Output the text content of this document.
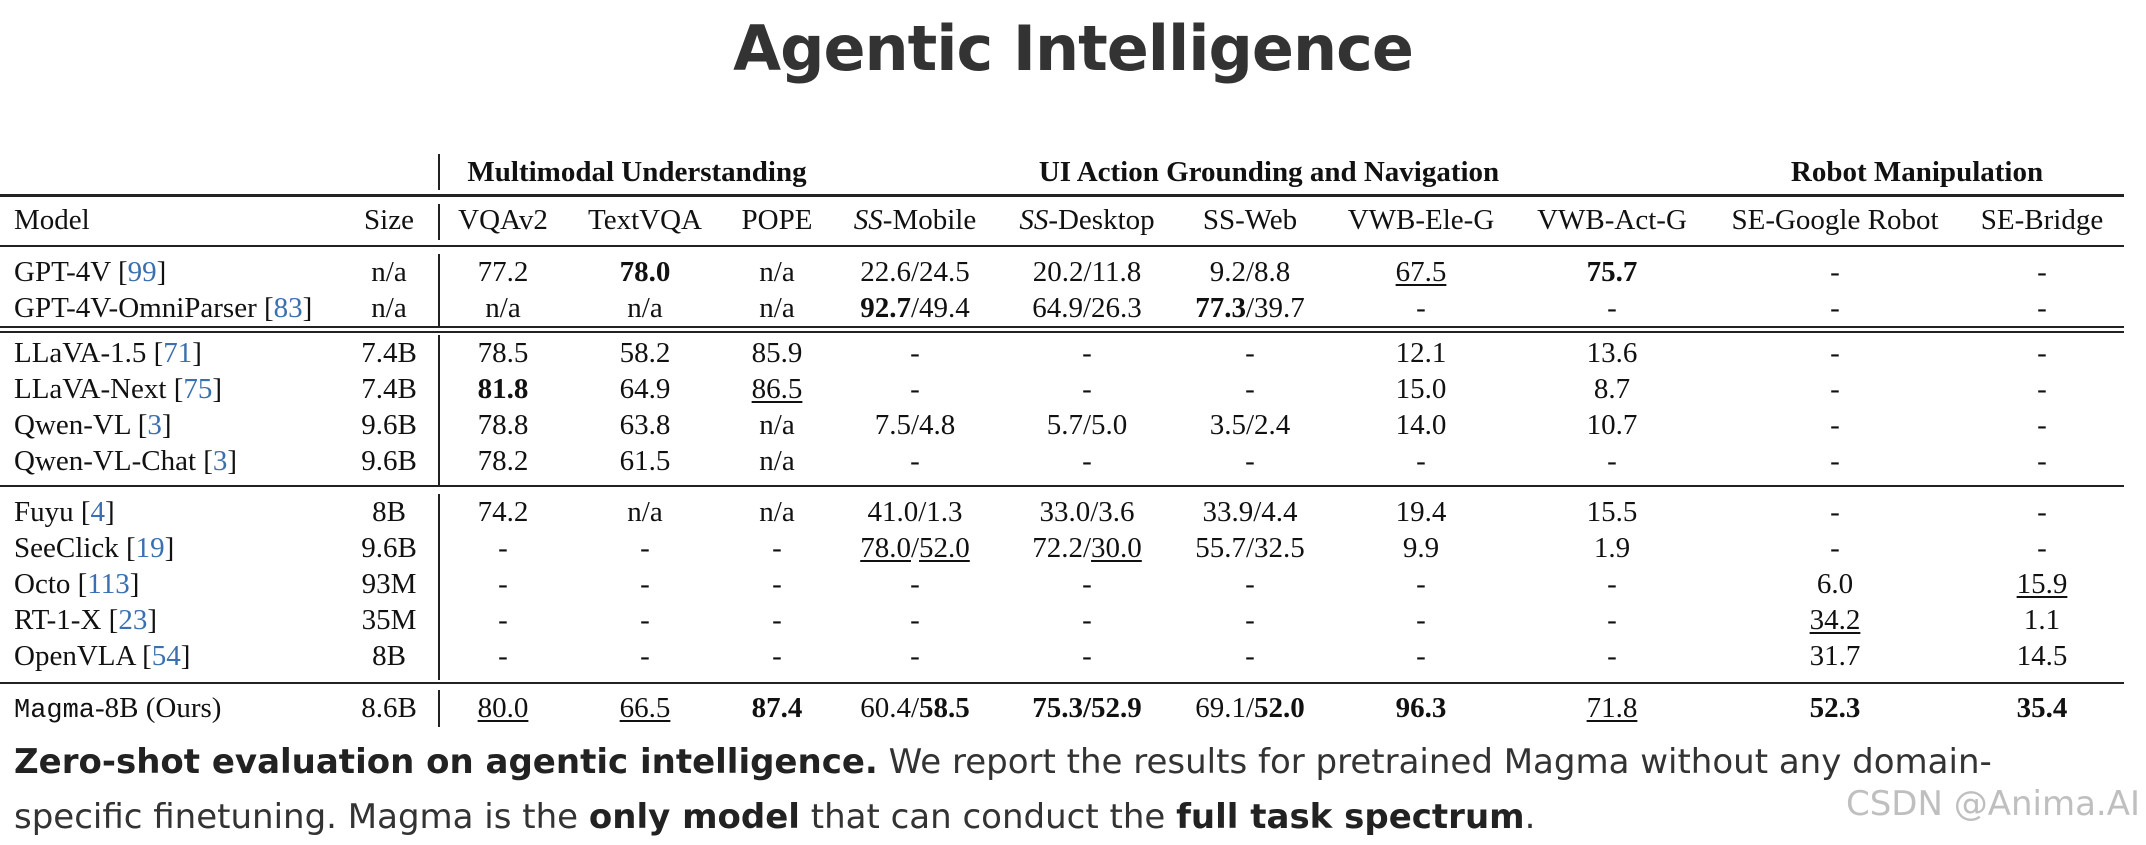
Agentic Intelligence
Multimodal Understanding	UI Action Grounding and Navigation	Robot Manipulation
Model	Size VQAv2 TextVQA POPE SS-Mobile SS-Desktop SS-Web VWB-Ele-G VWB-Act-G SE-Google Robot SE-Bridge
GPT-4V [99]	n/a 77.2	78.0	n/a 22.6/24.5 20.2/11.8 9.2/8.8	67.5	75.7	-	-
GPT-4V-OmniParser [83] n/a	n/a	n/a	n/a 92.7/49.4 64.9/26.3 77.3/39.7	-	-	-	-
LLaVA-1.5 [71]	7.4B 78.5	58.2	85.9	-	-	-	12.1	13.6	-	-
LLaVA-Next [75]	7.4B 81.8	64.9	86.5	-	-	-	15.0	8.7	-	-
Qwen-VL [3]	9.6B 78.8	63.8	n/a	7.5/4.8	5.7/5.0	3.5/2.4	14.0	10.7	-	-
Qwen-VL-Chat [3]	9.6B 78.2	61.5	n/a	-	-	-	-	-	-	-
Fuyu [4]	8B 74.2	n/a	n/a	41.0/1.3	33.0/3.6 33.9/4.4	19.4	15.5	-	-
SeeClick [19]	9.6B	-	-	-	78.0/52.0 72.2/30.0 55.7/32.5	9.9	1.9	-	-
Octo [113]	93M	-	-	-	-	-	-	-	-	6.0	15.9
RT-1-X [23]	35M	-	-	-	-	-	-	-	-	34.2	1.1
OpenVLA [54]	8B	-	-	-	-	-	-	-	-	31.7	14.5
Magma-8B (Ours)	8.6B 80.0	66.5	87.4 60.4/58.5 75.3/52.9 69.1/52.0	96.3	71.8	52.3	35.4
Zero-shot evaluation on agentic intelligence. We report the results for pretrained Magma without any domain-specific finetuning. Magma is the only model that can conduct the full task spectrum.	CSDN @Anima.AI
